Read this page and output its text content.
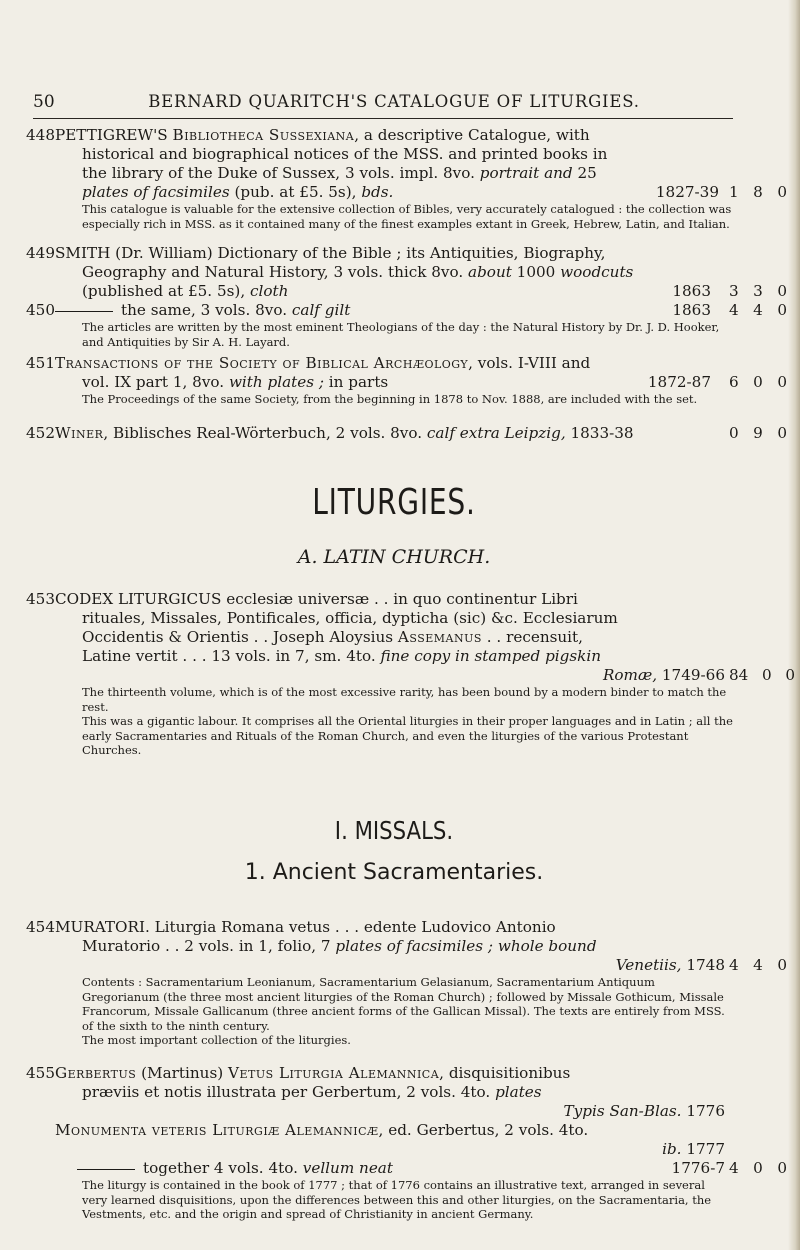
50	BERNARD QUARITCH'S CATALOGUE OF LITURGIES.
448 PETTIGREW'S Bibliotheca Sussexiana, a descriptive Catalogue, with
historical and biographical notices of the MSS. and printed books in
the library of the Duke of Sussex, 3 vols. impl. 8vo. portrait and 25
plates of facsimiles (pub. at £5. 5s), bds.	1827-39 1 8 0
This catalogue is valuable for the extensive collection of Bibles, very accurately catalogued : the collection was especially rich in MSS. as it contained many of the finest examples extant in Greek, Hebrew, Latin, and Italian.
449 SMITH (Dr. William) Dictionary of the Bible ; its Antiquities, Biography,
Geography and Natural History, 3 vols. thick 8vo. about 1000 woodcuts
(published at £5. 5s), cloth	1863 3 3 0
450	the same, 3 vols. 8vo. calf gilt	1863 4 4 0
The articles are written by the most eminent Theologians of the day : the Natural History by Dr. J. D. Hooker, and Antiquities by Sir A. H. Layard.
451 Transactions of the Society of Biblical Archæology, vols. I-VIII and
vol. IX part 1, 8vo. with plates ; in parts	1872-87 6 0 0
The Proceedings of the same Society, from the beginning in 1878 to Nov. 1888, are included with the set.
452 Winer, Biblisches Real-Wörterbuch, 2 vols. 8vo. calf extra Leipzig, 1833-38	0 9 0
LITURGIES.
A. LATIN CHURCH.
453 CODEX LITURGICUS ecclesiæ universæ . . in quo continentur Libri
rituales, Missales, Pontificales, officia, dypticha (sic) &c. Ecclesiarum
Occidentis & Orientis . . Joseph Aloysius Assemanus . . recensuit,
Latine vertit . . . 13 vols. in 7, sm. 4to. fine copy in stamped pigskin
Romæ, 1749-66 84 0 0
The thirteenth volume, which is of the most excessive rarity, has been bound by a modern binder to match the rest.
This was a gigantic labour. It comprises all the Oriental liturgies in their proper languages and in Latin ; all the early Sacramentaries and Rituals of the Roman Church, and even the liturgies of the various Protestant Churches.
I. MISSALS.
1. Ancient Sacramentaries.
454 MURATORI. Liturgia Romana vetus . . . edente Ludovico Antonio
Muratorio . . 2 vols. in 1, folio, 7 plates of facsimiles ; whole bound
Venetiis, 1748 4 4 0
Contents : Sacramentarium Leonianum, Sacramentarium Gelasianum, Sacramentarium Antiquum Gregorianum (the three most ancient liturgies of the Roman Church) ; followed by Missale Gothicum, Missale Francorum, Missale Gallicanum (three ancient forms of the Gallican Missal). The texts are entirely from MSS. of the sixth to the ninth century.
The most important collection of the liturgies.
455 Gerbertus (Martinus) Vetus Liturgia Alemannica, disquisitionibus
præviis et notis illustrata per Gerbertum, 2 vols. 4to. plates
Typis San-Blas. 1776
Monumenta veteris Liturgiæ Alemannicæ, ed. Gerbertus, 2 vols. 4to.
ib. 1777
together 4 vols. 4to. vellum neat	1776-7 4 0 0
The liturgy is contained in the book of 1777 ; that of 1776 contains an illustrative text, arranged in several very learned disquisitions, upon the differences between this and other liturgies, on the Sacramentaria, the Vestments, etc. and the origin and spread of Christianity in ancient Germany.
